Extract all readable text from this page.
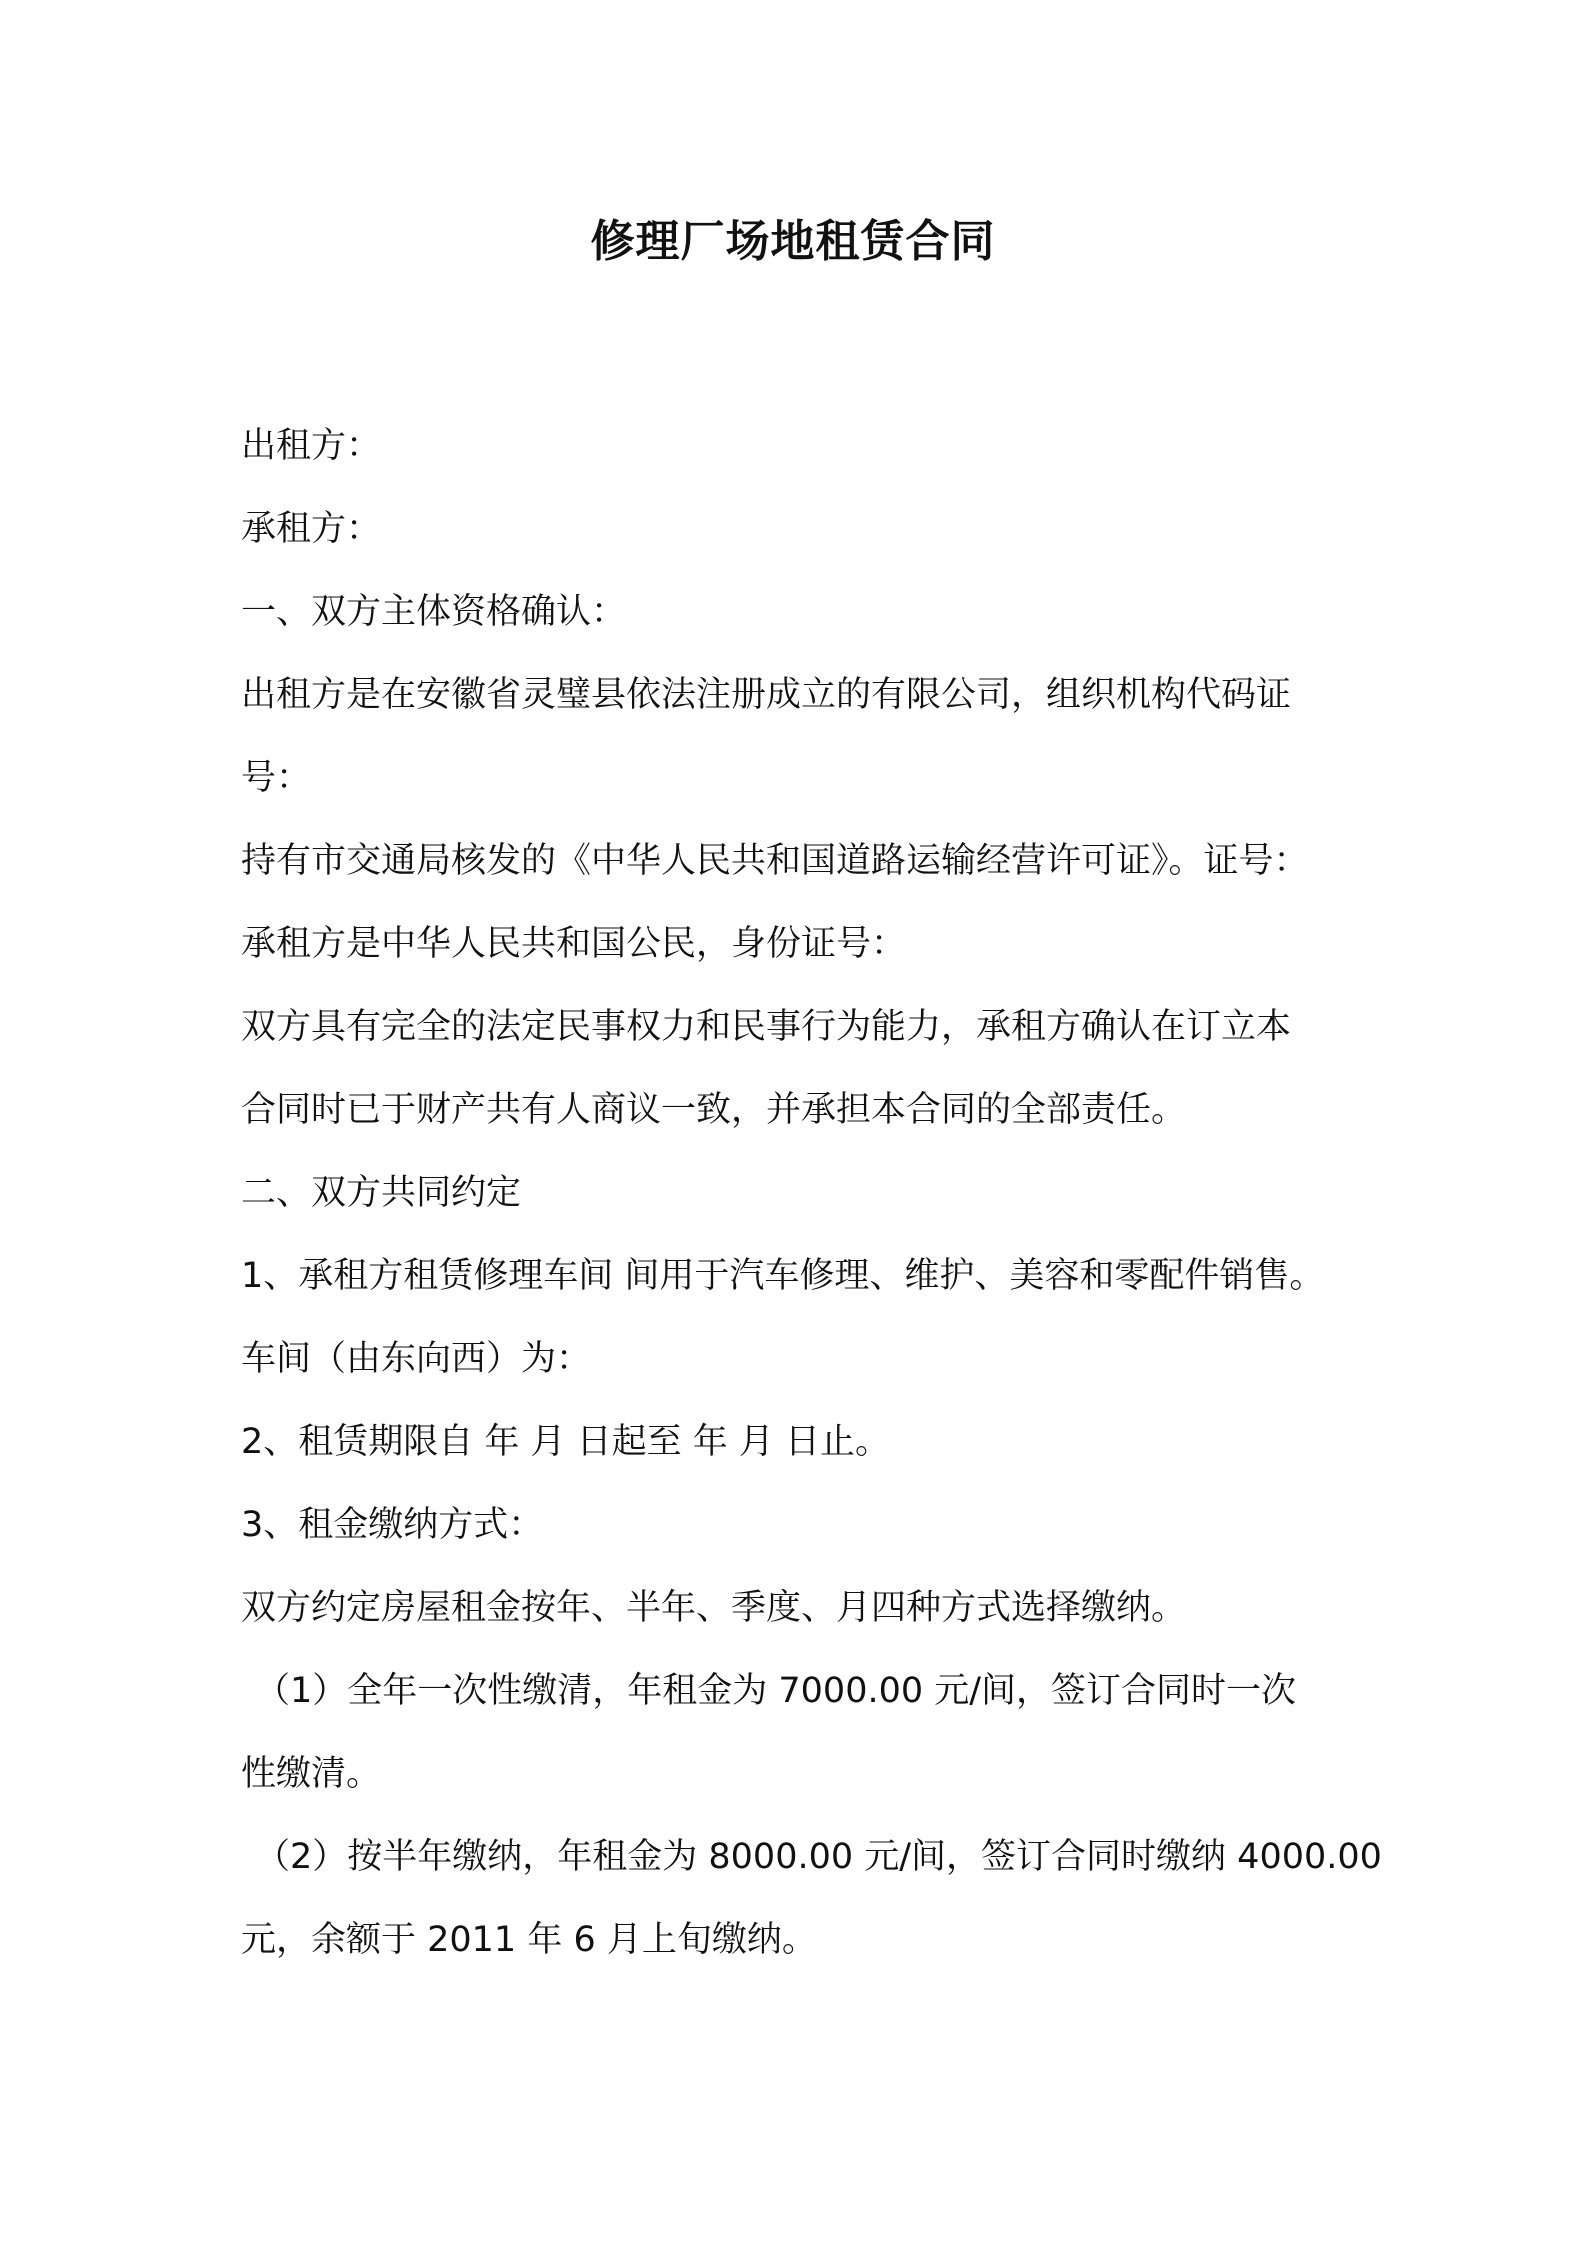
修理厂场地租赁合同

出租方：

承租方：

一、双方主体资格确认：

出租方是在安徽省灵璧县依法注册成立的有限公司，组织机构代码证

号：

持有市交通局核发的《中华人民共和国道路运输经营许可证》。证号：

承租方是中华人民共和国公民，身份证号：

双方具有完全的法定民事权力和民事行为能力，承租方确认在订立本

合同时已于财产共有人商议一致，并承担本合同的全部责任。

二、双方共同约定

1、承租方租赁修理车间 间用于汽车修理、维护、美容和零配件销售。

车间（由东向西）为：

2、租赁期限自 年 月 日起至 年 月 日止。

3、租金缴纳方式：

双方约定房屋租金按年、半年、季度、月四种方式选择缴纳。

（1）全年一次性缴清，年租金为 7000.00 元/间，签订合同时一次

性缴清。

（2）按半年缴纳，年租金为 8000.00 元/间，签订合同时缴纳 4000.00

元，余额于 2011 年 6 月上旬缴纳。
